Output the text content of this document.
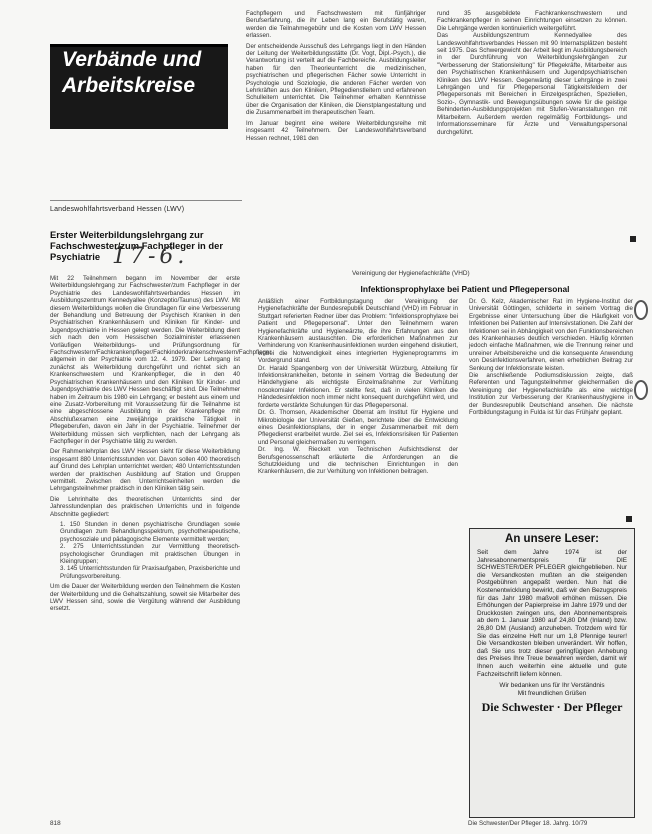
Verbände und
Arbeitskreise
Landeswohlfahrtsverband Hessen (LWV)
Erster Weiterbildungslehrgang zur Fachschwester/zum Fachpfleger in der Psychiatrie 17-6.

Mit 22 Teilnehmern begann im November der erste Weiterbildungslehrgang zur Fachschwester/zum Fachpfleger in der Psychiatrie des Landeswohlfahrtsverbandes Hessen im Ausbildungszentrum Kennedyallee (Konzeptio/Taunus) des LWV. Mit diesem Weiterbildungs wollen die Grundlagen für eine Verbesserung der Behandlung und Betreuung der Psychisch Kranken in den Psychiatrischen Krankenhäusern und Kliniken für Kinder- und Jugendpsychiatrie in Hessen gelegt werden. Die Weiterbildung dient sich nach den vom Hessischen Sozialminister erlassenen Vorläufigen Weiterbildungs- und Prüfungsordnung für Fachschwestern/Fachkrankenpfleger/Fachkinderkrankenschwestern/Fachpfleger allgemein in der Psychiatrie vom 12. 4. 1979. Der Lehrgang ist zunächst als Weiterbildung durchgeführt und richtet sich an Krankenschwestern und Krankenpfleger, die in den 40 Psychiatrischen Krankenhäusern und den Kliniken für Kinder- und Jugendpsychiatrie des LWV Hessen beschäftigt sind. Die Teilnehmer haben im Zeitraum bis 1980 ein Lehrgang; er besteht aus einem und eine Zusatz-Vorbereitung mit Voraussetzung für die Teilnahme ist eine abgeschlossene Ausbildung in der Krankenpflege mit Abschlußexamen eine zweijährige praktische Tätigkeit in Pflegeberufen, davon ein Jahr in der Psychiatrie. Teilnehmer der Weiterbildung müssen sich verpflichten, nach der Lehrgang als Fachpfleger in der Psychiatrie tätig zu werden.

Der Rahmenlehrplan des LWV Hessen sieht für diese Weiterbildung insgesamt 880 Unterrichtsstunden vor. Davon sollen 400 theoretisch auf Grund des Lehrplan unterrichtet werden; 480 Unterrichtsstunden werden der praktischen Ausbildung auf Station und Gruppen vermittelt. Zwischen den Unterrichtseinheiten werden die Lehrgangsteilnehmer praktisch in den Kliniken tätig sein.

Die Lehrinhalte des theoretischen Unterrichts sind der Jahresstundenplan des praktischen Unterrichts und in folgende Abschnitte gegliedert:

1. 150 Stunden in denen psychiatrische Grundlagen sowie Grundlagen zum Behandlungsspektrum, psychotherapeutische, psychosoziale und pädagogische Elemente vermittelt werden;
2. 275 Unterrichtsstunden zur Vermittlung theoretisch-psychologischer Grundlagen mit praktischen Übungen in Kleingruppen;
3. 145 Unterrichtsstunden für Praxisaufgaben, Praxisberichte und Prüfungsvorbereitung.

Um die Dauer der Weiterbildung werden den Teilnehmern die Kosten der Weiterbildung und die Gehaltszahlung, soweit sie Mitarbeiter des LWV Hessen sind, sowie die Vergütung während der Ausbildung ersetzt.

Fachpflegern und Fachschwestern mit fünfjähriger Berufserfahrung, die ihr Leben lang ein Berufstätig waren, werden die Teilnahmegebühr und die Kosten vom LWV Hessen erlassen.

Der entscheidende Ausschuß des Lehrgangs liegt in den Händen der Leitung der Weiterbildungsstätte (Dr. Vogt, Dipl.-Psych.), die Verantwortung ist verteilt auf die Fachbereiche. Ausbildungsleiter haben für den Theorieunterricht die medizinischen, psychiatrischen und pflegerischen Fächer sowie Unterricht in Psychologie und Soziologie, die anderen Fächer werden von Lehrkräften aus den Kliniken, Pflegedienstleitern und erfahrenen Schulleitern unterrichtet. Die Teilnehmer erhalten Kenntnisse über die Organisation der Kliniken, die Dienstplangestaltung und die Zusammenarbeit im therapeutischen Team.

Im Januar beginnt eine weitere Weiterbildungsreihe mit insgesamt 42 Teilnehmern. Der Landeswohlfahrtsverband Hessen rechnet, 1981 den

rund 35 ausgebildete Fachkrankenschwestern und Fachkrankenpfleger in seinen Einrichtungen einsetzen zu können. Die Lehrgänge werden kontinuierlich weitergeführt.
Das Ausbildungszentrum Kennedyallee des Landeswohlfahrtsverbandes Hessen mit 90 Internatsplätzen besteht seit 1975. Das Schwergewicht der Arbeit liegt im Ausbildungsbereich in der Durchführung von Weiterbildungslehrgängen zur "Verbesserung der Stationsleitung" für Pflegekräfte, Mitarbeiter aus den Psychiatrischen Krankenhäusern und Jugendpsychiatrischen Kliniken des LWV Hessen. Gegenwärtig dieser Lehrgänge in zwei Lehrgängen und für Pflegepersonal Tätigkeitsfeldern der Pflegepersonals mit Bereichen in Einzelgesprächen, Speziellen, Sozio-, Gymnastik- und Bewegungsübungen sowie für die geistige Behinderten-Ausbildungsprojekten mit Stufen-Veranstaltungen mit Mitarbeitern. Außerdem werden regelmäßig Fortbildungs- und Informationsseminare für Ärzte und Verwaltungspersonal durchgeführt.
Vereinigung der Hygienefachkräfte (VHD)
Infektionsprophylaxe bei Patient und Pflegepersonal
Anläßlich einer Fortbildungstagung der Vereinigung der Hygienefachkräfte der Bundesrepublik Deutschland (VHD) im Februar in Stuttgart referierten Redner über das Problem: "Infektionsprophylaxe bei Patient und Pflegepersonal". Unter den Teilnehmern waren Hygienefachkräfte und Hygieneärzte, die ihre Erfahrungen aus den Krankenhäusern austauschten. Die erforderlichen Maßnahmen zur Verhinderung von Krankenhausinfektionen wurden eingehend diskutiert, wobei die Notwendigkeit eines integrierten Hygieneprogramms im Vordergrund stand.
Dr. Harald Spangenberg von der Universität Würzburg, Abteilung für Infektionskrankheiten, betonte in seinem Vortrag die Bedeutung der Händehygiene als wichtigste Einzelmaßnahme zur Verhütung nosokomialer Infektionen. Er stellte fest, daß in vielen Kliniken die Händedesinfektion noch immer nicht konsequent durchgeführt wird, und forderte verstärkte Schulungen für das Pflegepersonal.
Dr. G. Thomsen, Akademischer Oberrat am Institut für Hygiene und Mikrobiologie der Universität Gießen, berichtete über die Entwicklung eines Desinfektionsplans, der in enger Zusammenarbeit mit dem Pflegedienst erarbeitet wurde. Ziel sei es, Infektionsrisiken für Patienten und Personal gleichermaßen zu verringern.
Dr. Ing. W. Rieckelt von Technischen Aufsichtsdienst der Berufsgenossenschaft erläuterte die Anforderungen an die Schutzkleidung und die technischen Einrichtungen in den Krankenhäusern, die zur Verhütung von Infektionen beitragen.
Dr. G. Kelz, Akademischer Rat im Hygiene-Institut der Universität Göttingen, schilderte in seinem Vortrag die Ergebnisse einer Untersuchung über die Häufigkeit von Infektionen bei Patienten auf Intensivstationen. Die Zahl der Infektionen sei in Abhängigkeit von den Funktionsbereichen des Krankenhauses deutlich verschieden. Häufig könnten jedoch einfache Maßnahmen, wie die Trennung reiner und unreiner Arbeitsbereiche und die konsequente Anwendung von Desinfektionsverfahren, einen erheblichen Beitrag zur Senkung der Infektionsrate leisten.
Die anschließende Podiumsdiskussion zeigte, daß Referenten und Tagungsteilnehmer gleichermaßen die Vereinigung der Hygienefachkräfte als eine wichtige Institution zur Verbesserung der Krankenhaushygiene in der Bundesrepublik Deutschland ansehen. Die nächste Fortbildungstagung in Fulda ist für das Frühjahr geplant.
An unsere Leser:
Seit dem Jahre 1974 ist der Jahresabonnementspreis für DIE SCHWESTER/DER PFLEGER gleichgeblieben. Nur die Versandkosten mußten an die steigenden Postgebühren angepaßt werden. Nun hat die Kostenentwicklung bewirkt, daß wir den Bezugspreis für das Jahr 1980 maßvoll erhöhen müssen. Die Erhöhungen der Papierpreise im Jahre 1979 und der Druckkosten zwingen uns, den Abonnementspreis ab dem 1. Januar 1980 auf 24,80 DM (Inland) bzw. 26,80 DM (Ausland) anzuheben. Trotzdem wird für Sie das einzelne Heft nur um 1,8 Pfennige teurer! Die Versandkosten bleiben unverändert. Wir hoffen, daß Sie uns trotz dieser geringfügigen Anhebung des Preises Ihre Treue bewahren werden, damit wir Ihnen auch weiterhin eine aktuelle und gute Fachzeitschrift liefern können.
Wir bedanken uns für Ihr Verständnis
Mit freundlichen Grüßen
Die Schwester · Der Pfleger
818	Die Schwester/Der Pfleger 18. Jahrg. 10/79
